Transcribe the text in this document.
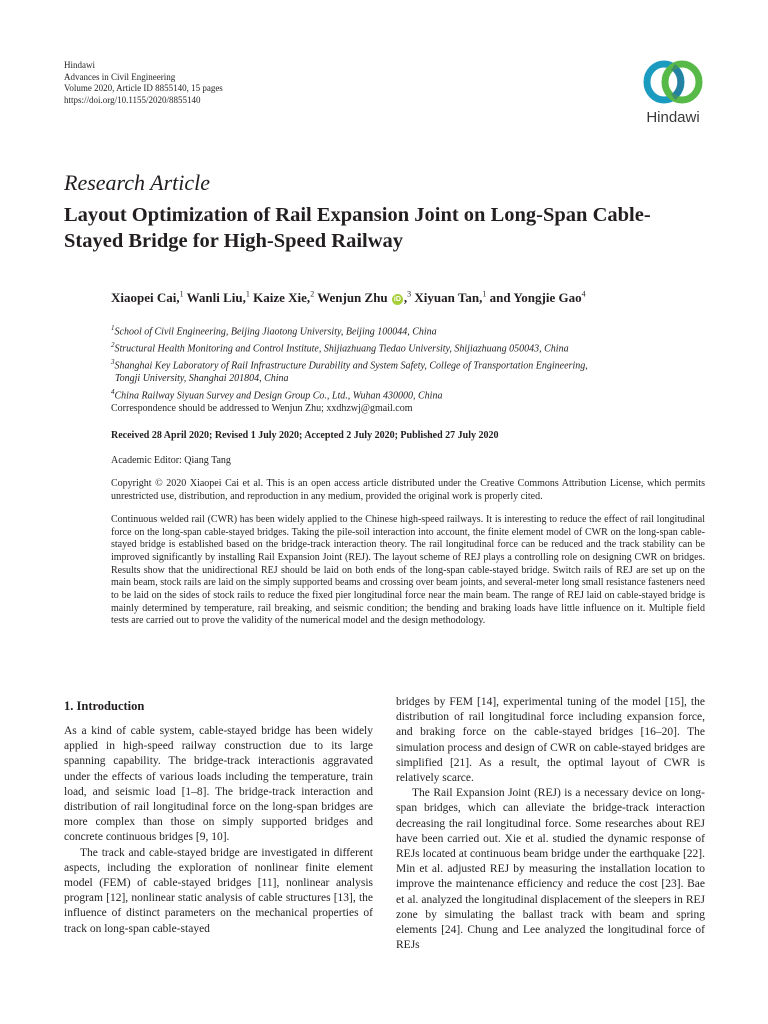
Hindawi
Advances in Civil Engineering
Volume 2020, Article ID 8855140, 15 pages
https://doi.org/10.1155/2020/8855140
Hindawi
Research Article
Layout Optimization of Rail Expansion Joint on Long-Span Cable-Stayed Bridge for High-Speed Railway
Xiaopei Cai,$^1$ Wanli Liu,$^1$ Kaize Xie,$^2$ Wenjun Zhu iD ,$^3$ Xiyuan Tan,$^1$ and Yongjie Gao$^4$
$^1$School of Civil Engineering, Beijing Jiaotong University, Beijing 100044, China
$^2$Structural Health Monitoring and Control Institute, Shijiazhuang Tiedao University, Shijiazhuang 050043, China
$^3$Shanghai Key Laboratory of Rail Infrastructure Durability and System Safety, College of Transportation Engineering,
Tongji University, Shanghai 201804, China
$^4$China Railway Siyuan Survey and Design Group Co., Ltd., Wuhan 430000, China
Correspondence should be addressed to Wenjun Zhu; xxdhzwj@gmail.com
Received 28 April 2020; Revised 1 July 2020; Accepted 2 July 2020; Published 27 July 2020
Academic Editor: Qiang Tang
Copyright © 2020 Xiaopei Cai et al. This is an open access article distributed under the Creative Commons Attribution License, which permits unrestricted use, distribution, and reproduction in any medium, provided the original work is properly cited.
Continuous welded rail (CWR) has been widely applied to the Chinese high-speed railways. It is interesting to reduce the effect of rail longitudinal force on the long-span cable-stayed bridges. Taking the pile-soil interaction into account, the finite element model of CWR on the long-span cable-stayed bridge is established based on the bridge-track interaction theory. The rail longitudinal force can be reduced and the track stability can be improved significantly by installing Rail Expansion Joint (REJ). The layout scheme of REJ plays a controlling role on designing CWR on bridges. Results show that the unidirectional REJ should be laid on both ends of the long-span cable-stayed bridge. Switch rails of REJ are set up on the main beam, stock rails are laid on the simply supported beams and crossing over beam joints, and several-meter long small resistance fasteners need to be laid on the sides of stock rails to reduce the fixed pier longitudinal force near the main beam. The range of REJ laid on cable-stayed bridge is mainly determined by temperature, rail breaking, and seismic condition; the bending and braking loads have little influence on it. Multiple field tests are carried out to prove the validity of the numerical model and the design methodology.
1. Introduction

As a kind of cable system, cable-stayed bridge has been widely applied in high-speed railway construction due to its large spanning capability. The bridge-track interactionis aggravated under the effects of various loads including the temperature, train load, and seismic load [1–8]. The bridge-track interaction and distribution of rail longitudinal force on the long-span bridges are more complex than those on simply supported bridges and concrete continuous bridges [9, 10].

The track and cable-stayed bridge are investigated in different aspects, including the exploration of nonlinear finite element model (FEM) of cable-stayed bridges [11], nonlinear analysis program [12], nonlinear static analysis of cable structures [13], the influence of distinct parameters on the mechanical properties of track on long-span cable-stayed

bridges by FEM [14], experimental tuning of the model [15], the distribution of rail longitudinal force including expansion force, and braking force on the cable-stayed bridges [16–20]. The simulation process and design of CWR on cable-stayed bridges are simplified [21]. As a result, the optimal layout of CWR is relatively scarce.

The Rail Expansion Joint (REJ) is a necessary device on long-span bridges, which can alleviate the bridge-track interaction decreasing the rail longitudinal force. Some researches about REJ have been carried out. Xie et al. studied the dynamic response of REJs located at continuous beam bridge under the earthquake [22]. Min et al. adjusted REJ by measuring the installation location to improve the maintenance efficiency and reduce the cost [23]. Bae et al. analyzed the longitudinal displacement of the sleepers in REJ zone by simulating the ballast track with beam and spring elements [24]. Chung and Lee analyzed the longitudinal force of REJs
